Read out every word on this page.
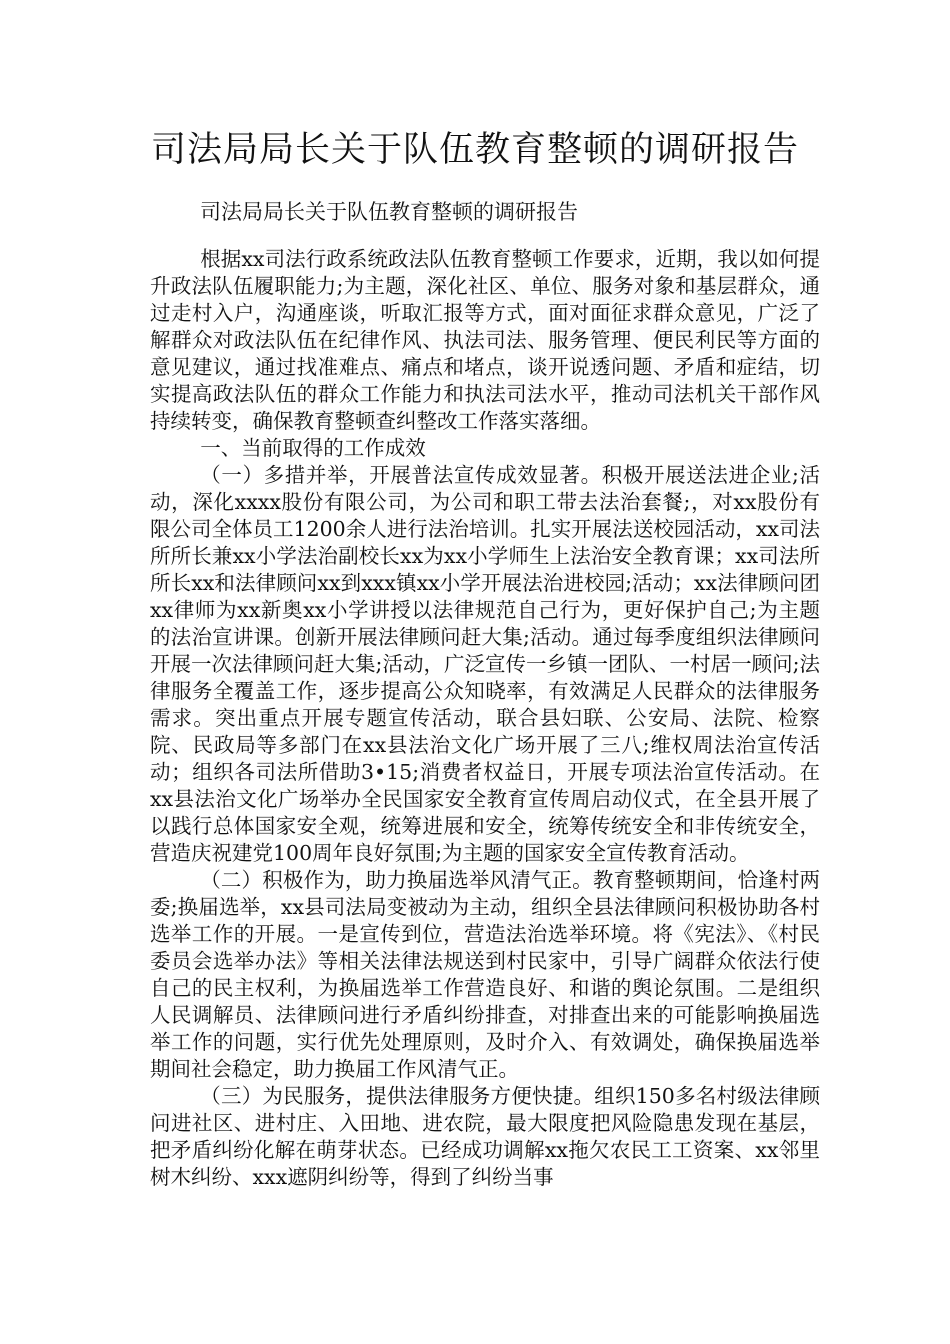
司法局局长关于队伍教育整顿的调研报告

司法局局长关于队伍教育整顿的调研报告

根据xx司法行政系统政法队伍教育整顿工作要求，近期，我以如何提升政法队伍履职能力;为主题，深化社区、单位、服务对象和基层群众，通过走村入户，沟通座谈，听取汇报等方式，面对面征求群众意见，广泛了解群众对政法队伍在纪律作风、执法司法、服务管理、便民利民等方面的意见建议，通过找准难点、痛点和堵点，谈开说透问题、矛盾和症结，切实提高政法队伍的群众工作能力和执法司法水平，推动司法机关干部作风持续转变，确保教育整顿查纠整改工作落实落细。

一、当前取得的工作成效

（一）多措并举，开展普法宣传成效显著。积极开展送法进企业;活动，深化xxxx股份有限公司，为公司和职工带去法治套餐;，对xx股份有限公司全体员工1200余人进行法治培训。扎实开展法送校园活动，xx司法所所长兼xx小学法治副校长xx为xx小学师生上法治安全教育课；xx司法所所长xx和法律顾问xx到xxx镇xx小学开展法治进校园;活动；xx法律顾问团xx律师为xx新奥xx小学讲授以法律规范自己行为，更好保护自己;为主题的法治宣讲课。创新开展法律顾问赶大集;活动。通过每季度组织法律顾问开展一次法律顾问赶大集;活动，广泛宣传一乡镇一团队、一村居一顾问;法律服务全覆盖工作，逐步提高公众知晓率，有效满足人民群众的法律服务需求。突出重点开展专题宣传活动，联合县妇联、公安局、法院、检察院、民政局等多部门在xx县法治文化广场开展了三八;维权周法治宣传活动；组织各司法所借助3•15;消费者权益日，开展专项法治宣传活动。在xx县法治文化广场举办全民国家安全教育宣传周启动仪式，在全县开展了以践行总体国家安全观，统筹进展和安全，统筹传统安全和非传统安全，营造庆祝建党100周年良好氛围;为主题的国家安全宣传教育活动。

（二）积极作为，助力换届选举风清气正。教育整顿期间，恰逢村两委;换届选举，xx县司法局变被动为主动，组织全县法律顾问积极协助各村选举工作的开展。一是宣传到位，营造法治选举环境。将《宪法》、《村民委员会选举办法》等相关法律法规送到村民家中，引导广阔群众依法行使自己的民主权利，为换届选举工作营造良好、和谐的舆论氛围。二是组织人民调解员、法律顾问进行矛盾纠纷排查，对排查出来的可能影响换届选举工作的问题，实行优先处理原则，及时介入、有效调处，确保换届选举期间社会稳定，助力换届工作风清气正。

（三）为民服务，提供法律服务方便快捷。组织150多名村级法律顾问进社区、进村庄、入田地、进农院，最大限度把风险隐患发现在基层，把矛盾纠纷化解在萌芽状态。已经成功调解xx拖欠农民工工资案、xx邻里树木纠纷、xxx遮阴纠纷等，得到了纠纷当事
